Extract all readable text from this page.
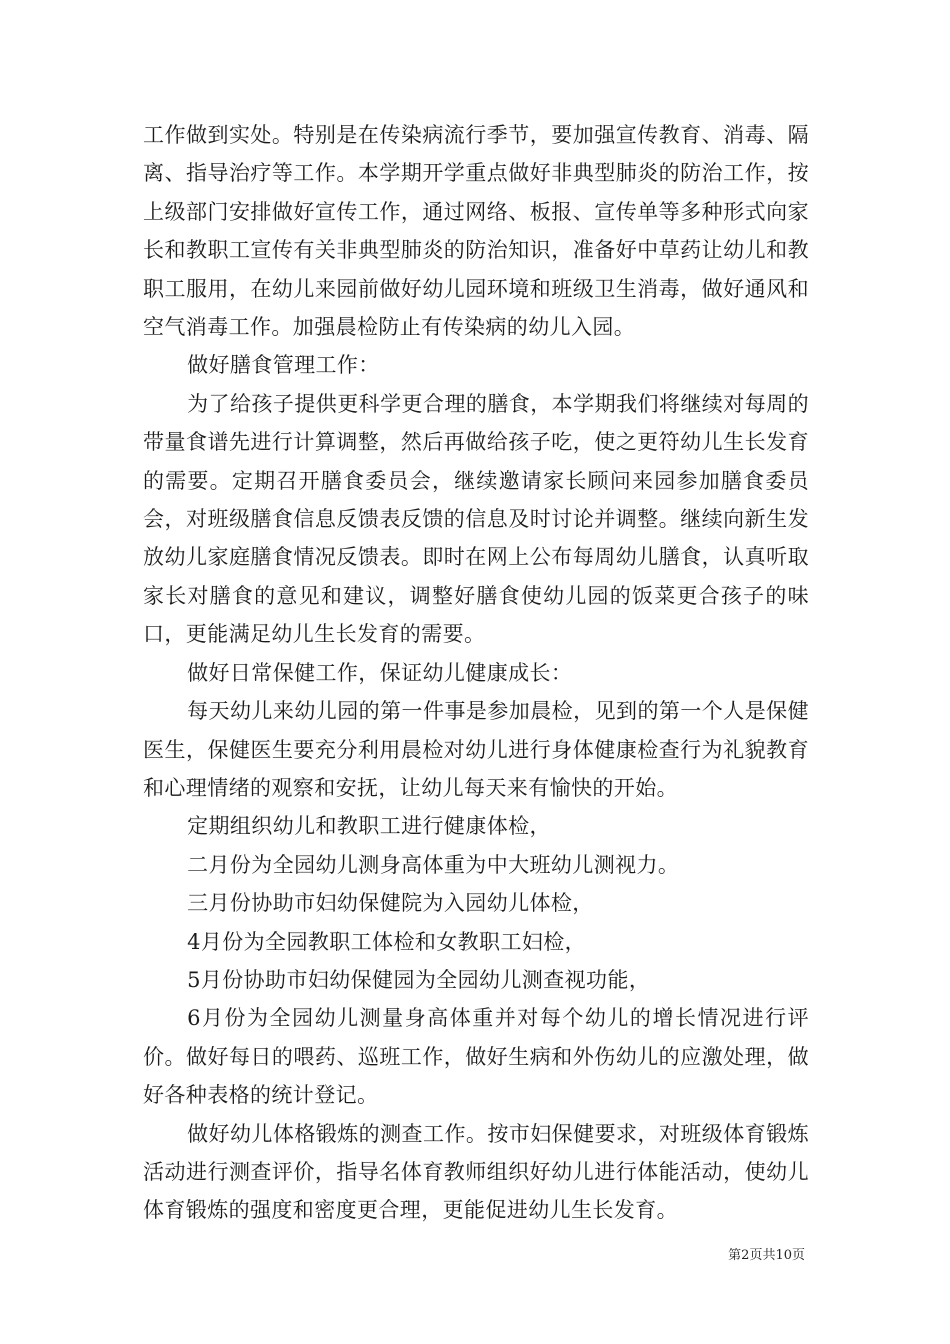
工作做到实处。特别是在传染病流行季节，要加强宣传教育、消毒、隔离、指导治疗等工作。本学期开学重点做好非典型肺炎的防治工作，按上级部门安排做好宣传工作，通过网络、板报、宣传单等多种形式向家长和教职工宣传有关非典型肺炎的防治知识，准备好中草药让幼儿和教职工服用，在幼儿来园前做好幼儿园环境和班级卫生消毒，做好通风和空气消毒工作。加强晨检防止有传染病的幼儿入园。

做好膳食管理工作：

为了给孩子提供更科学更合理的膳食，本学期我们将继续对每周的带量食谱先进行计算调整，然后再做给孩子吃，使之更符幼儿生长发育的需要。定期召开膳食委员会，继续邀请家长顾问来园参加膳食委员会，对班级膳食信息反馈表反馈的信息及时讨论并调整。继续向新生发放幼儿家庭膳食情况反馈表。即时在网上公布每周幼儿膳食，认真听取家长对膳食的意见和建议，调整好膳食使幼儿园的饭菜更合孩子的味口，更能满足幼儿生长发育的需要。

做好日常保健工作，保证幼儿健康成长：

每天幼儿来幼儿园的第一件事是参加晨检，见到的第一个人是保健医生，保健医生要充分利用晨检对幼儿进行身体健康检查行为礼貌教育和心理情绪的观察和安抚，让幼儿每天来有愉快的开始。

定期组织幼儿和教职工进行健康体检，

二月份为全园幼儿测身高体重为中大班幼儿测视力。

三月份协助市妇幼保健院为入园幼儿体检，

4月份为全园教职工体检和女教职工妇检，

5月份协助市妇幼保健园为全园幼儿测查视功能，

6月份为全园幼儿测量身高体重并对每个幼儿的增长情况进行评价。做好每日的喂药、巡班工作，做好生病和外伤幼儿的应激处理，做好各种表格的统计登记。

做好幼儿体格锻炼的测查工作。按市妇保健要求，对班级体育锻炼活动进行测查评价，指导名体育教师组织好幼儿进行体能活动，使幼儿体育锻炼的强度和密度更合理，更能促进幼儿生长发育。

第2页共10页
